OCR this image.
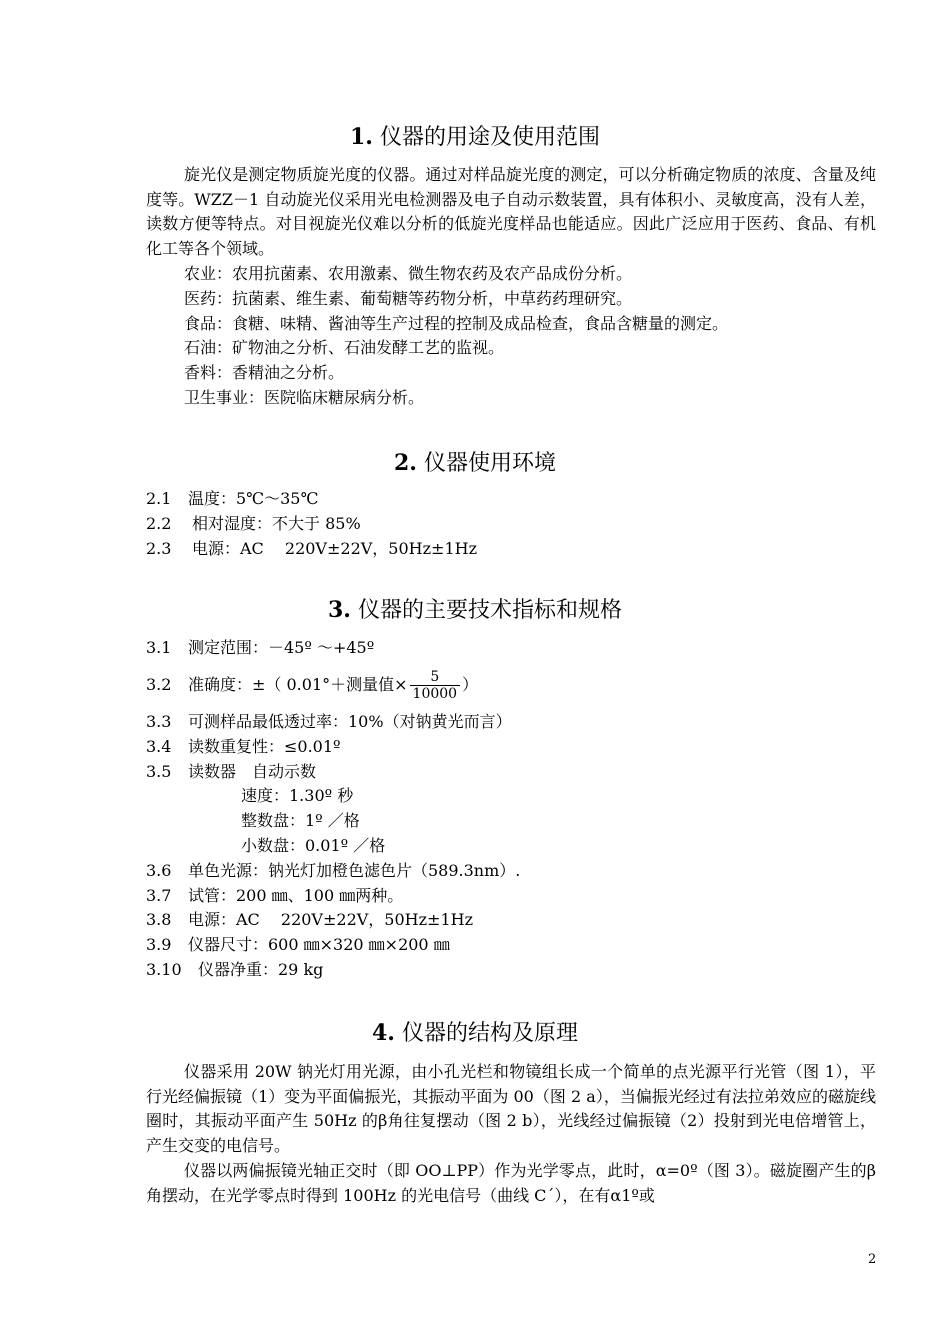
1. 仪器的用途及使用范围

旋光仪是测定物质旋光度的仪器。通过对样品旋光度的测定，可以分析确定物质的浓度、含量及纯度等。WZZ－1 自动旋光仪采用光电检测器及电子自动示数装置，具有体积小、灵敏度高，没有人差，读数方便等特点。对目视旋光仪难以分析的低旋光度样品也能适应。因此广泛应用于医药、食品、有机化工等各个领域。

农业：农用抗菌素、农用激素、微生物农药及农产品成份分析。
医药：抗菌素、维生素、葡萄糖等药物分析，中草药药理研究。
食品：食糖、味精、酱油等生产过程的控制及成品检查，食品含糖量的测定。
石油：矿物油之分析、石油发酵工艺的监视。
香料：香精油之分析。
卫生事业：医院临床糖尿病分析。
2. 仪器使用环境
2.1 温度：5℃～35℃
2.2 相对湿度：不大于 85%
2.3 电源：AC　 220V±22V，50Hz±1Hz
3. 仪器的主要技术指标和规格
3.1 测定范围：－45º ～+45º
3.2 准确度：±（ 0.01°＋测量值× $\frac{5}{10000}$ ）
3.3 可测样品最低透过率：10%（对钠黄光而言）
3.4 读数重复性：≤0.01º
3.5 读数器　自动示数
速度：1.30º 秒
整数盘：1º ／格
小数盘：0.01º ／格
3.6 单色光源：钠光灯加橙色滤色片（589.3nm）.
3.7 试管：200 ㎜、100 ㎜两种。
3.8 电源：AC　 220V±22V，50Hz±1Hz
3.9 仪器尺寸：600 ㎜×320 ㎜×200 ㎜
3.10 仪器净重：29 kg
4. 仪器的结构及原理

仪器采用 20W 钠光灯用光源，由小孔光栏和物镜组长成一个简单的点光源平行光管（图 1），平行光经偏振镜（1）变为平面偏振光，其振动平面为 00（图 2 a），当偏振光经过有法拉弟效应的磁旋线圈时，其振动平面产生 50Hz 的β角往复摆动（图 2 b），光线经过偏振镜（2）投射到光电倍增管上，产生交变的电信号。

仪器以两偏振镜光轴正交时（即 OO⊥PP）作为光学零点，此时，α=0º（图 3）。磁旋圈产生的β角摆动，在光学零点时得到 100Hz 的光电信号（曲线 C´），在有α1º或

2
